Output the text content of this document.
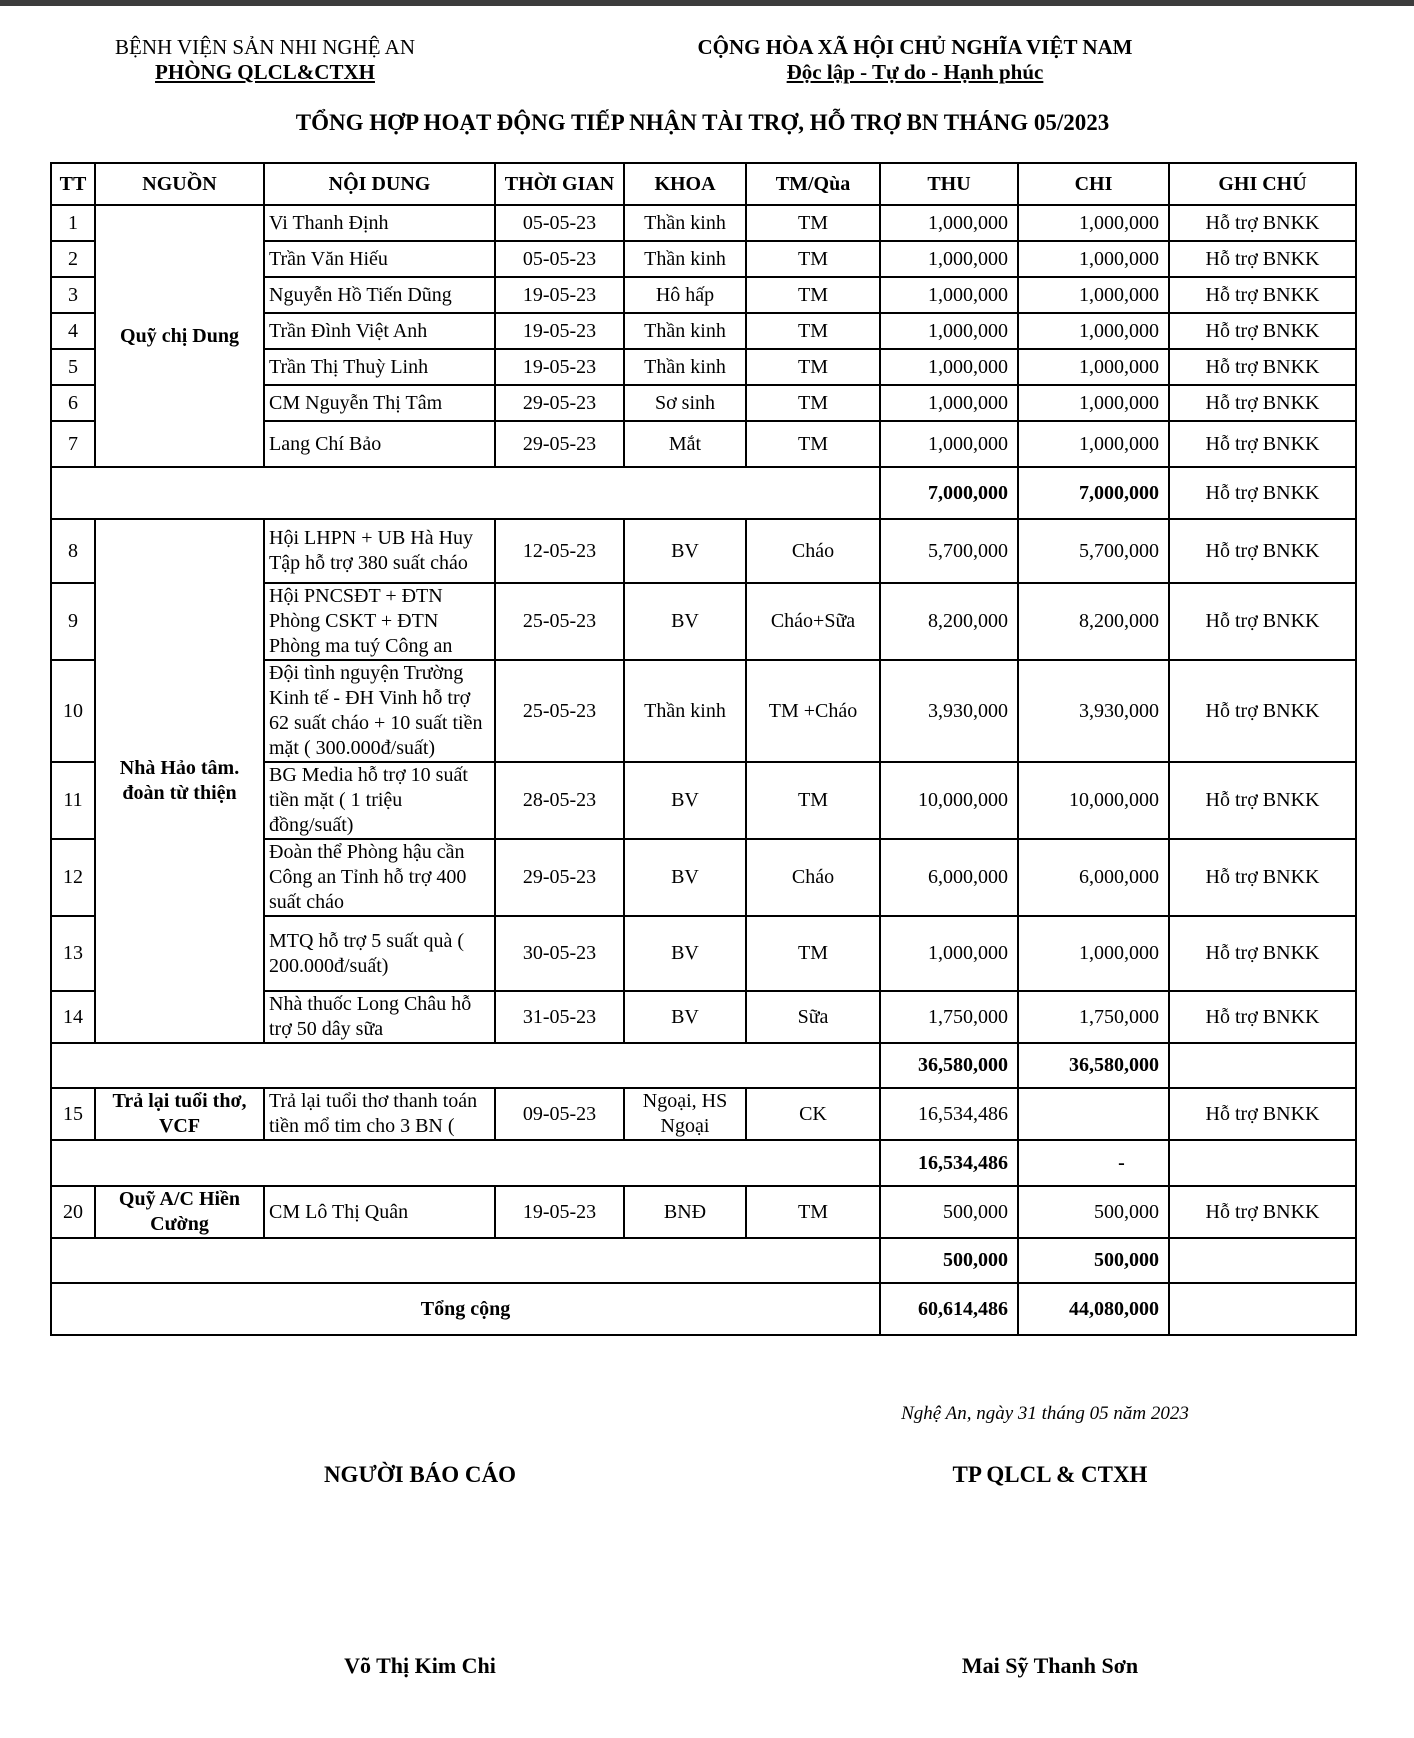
BỆNH VIỆN SẢN NHI NGHỆ AN
PHÒNG QLCL&CTXH
CỘNG HÒA XÃ HỘI CHỦ NGHĨA VIỆT NAM
Độc lập - Tự do - Hạnh phúc
TỔNG HỢP HOẠT ĐỘNG TIẾP NHẬN TÀI TRỢ, HỖ TRỢ BN THÁNG 05/2023
TT	NGUỒN	NỘI DUNG	THỜI GIAN	KHOA	TM/Qùa	THU	CHI	GHI CHÚ
1	Quỹ chị Dung	Vi Thanh Định	05-05-23	Thần kinh	TM	1,000,000	1,000,000	Hỗ trợ BNKK
2		Trần Văn Hiếu	05-05-23	Thần kinh	TM	1,000,000	1,000,000	Hỗ trợ BNKK
3		Nguyễn Hồ Tiến Dũng	19-05-23	Hô hấp	TM	1,000,000	1,000,000	Hỗ trợ BNKK
4		Trần Đình Việt Anh	19-05-23	Thần kinh	TM	1,000,000	1,000,000	Hỗ trợ BNKK
5		Trần Thị Thuỳ Linh	19-05-23	Thần kinh	TM	1,000,000	1,000,000	Hỗ trợ BNKK
6		CM Nguyễn Thị Tâm	29-05-23	Sơ sinh	TM	1,000,000	1,000,000	Hỗ trợ BNKK
7		Lang Chí Bảo	29-05-23	Mắt	TM	1,000,000	1,000,000	Hỗ trợ BNKK
						7,000,000	7,000,000	Hỗ trợ BNKK
8	Nhà Hảo tâm. đoàn từ thiện	Hội LHPN + UB Hà Huy Tập hỗ trợ 380 suất cháo	12-05-23	BV	Cháo	5,700,000	5,700,000	Hỗ trợ BNKK
9		Hội PNCSĐT + ĐTN Phòng CSKT + ĐTN Phòng ma tuý Công an	25-05-23	BV	Cháo+Sữa	8,200,000	8,200,000	Hỗ trợ BNKK
10		Đội tình nguyện Trường Kinh tế - ĐH Vinh hỗ trợ 62 suất cháo + 10 suất tiền mặt ( 300.000đ/suất)	25-05-23	Thần kinh	TM +Cháo	3,930,000	3,930,000	Hỗ trợ BNKK
11		BG Media hỗ trợ 10 suất tiền mặt ( 1 triệu đồng/suất)	28-05-23	BV	TM	10,000,000	10,000,000	Hỗ trợ BNKK
12		Đoàn thể Phòng hậu cần Công an Tỉnh hỗ trợ 400 suất cháo	29-05-23	BV	Cháo	6,000,000	6,000,000	Hỗ trợ BNKK
13		MTQ hỗ trợ 5 suất quà ( 200.000đ/suất)	30-05-23	BV	TM	1,000,000	1,000,000	Hỗ trợ BNKK
14		Nhà thuốc Long Châu hỗ trợ 50 dây sữa	31-05-23	BV	Sữa	1,750,000	1,750,000	Hỗ trợ BNKK
						36,580,000	36,580,000	
15	Trả lại tuổi thơ, VCF	Trả lại tuổi thơ thanh toán tiền mổ tim cho 3 BN (	09-05-23	Ngoại, HS Ngoại	CK	16,534,486		Hỗ trợ BNKK
						16,534,486	-	
20	Quỹ A/C Hiền Cường	CM Lô Thị Quân	19-05-23	BNĐ	TM	500,000	500,000	Hỗ trợ BNKK
						500,000	500,000	
Tổng cộng						60,614,486	44,080,000	
Nghệ An, ngày 31 tháng 05 năm 2023
NGƯỜI BÁO CÁO	TP QLCL & CTXH
Võ Thị Kim Chi	Mai Sỹ Thanh Sơn
